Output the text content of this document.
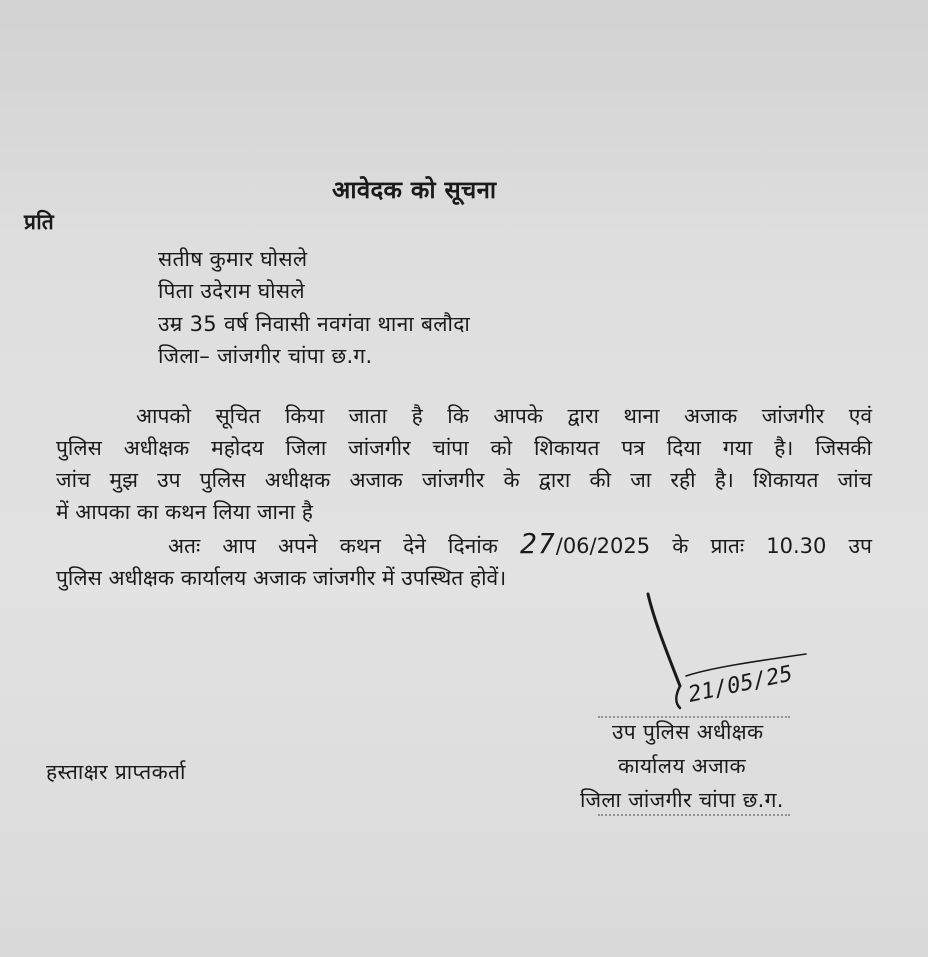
आवेदक को सूचना
प्रति
सतीष कुमार घोसले
पिता उदेराम घोसले
उम्र 35 वर्ष निवासी नवगंवा थाना बलौदा
जिला– जांजगीर चांपा छ.ग.
आपको सूचित किया जाता है कि आपके द्वारा थाना अजाक जांजगीर एवं
पुलिस अधीक्षक महोदय जिला जांजगीर चांपा को शिकायत पत्र दिया गया है। जिसकी
जांच मुझ उप पुलिस अधीक्षक अजाक जांजगीर के द्वारा की जा रही है। शिकायत जांच
में आपका का कथन लिया जाना है
अतः आप अपने कथन देने दिनांक 27/06/2025 के प्रातः 10.30 उप
पुलिस अधीक्षक कार्यालय अजाक जांजगीर में उपस्थित होवें।
21/05/25
हस्ताक्षर प्राप्तकर्ता
उप पुलिस अधीक्षक
कार्यालय अजाक
जिला जांजगीर चांपा छ.ग.
